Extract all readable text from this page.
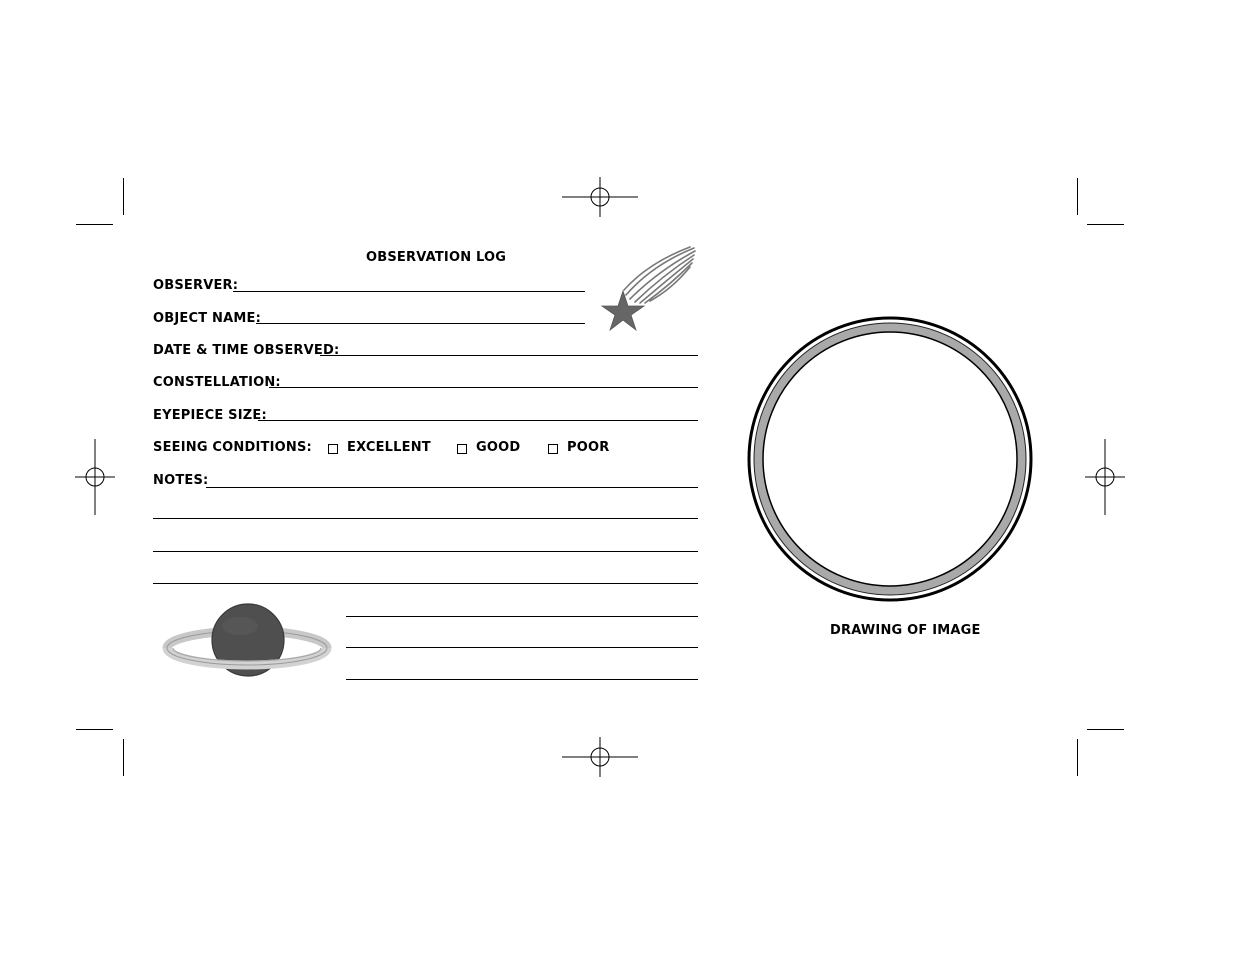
OBSERVATION LOG
OBSERVER:
OBJECT NAME:
DATE & TIME OBSERVED:
CONSTELLATION:
EYEPIECE SIZE:
SEEING CONDITIONS:	EXCELLENT	GOOD	POOR
NOTES:
DRAWING OF IMAGE
